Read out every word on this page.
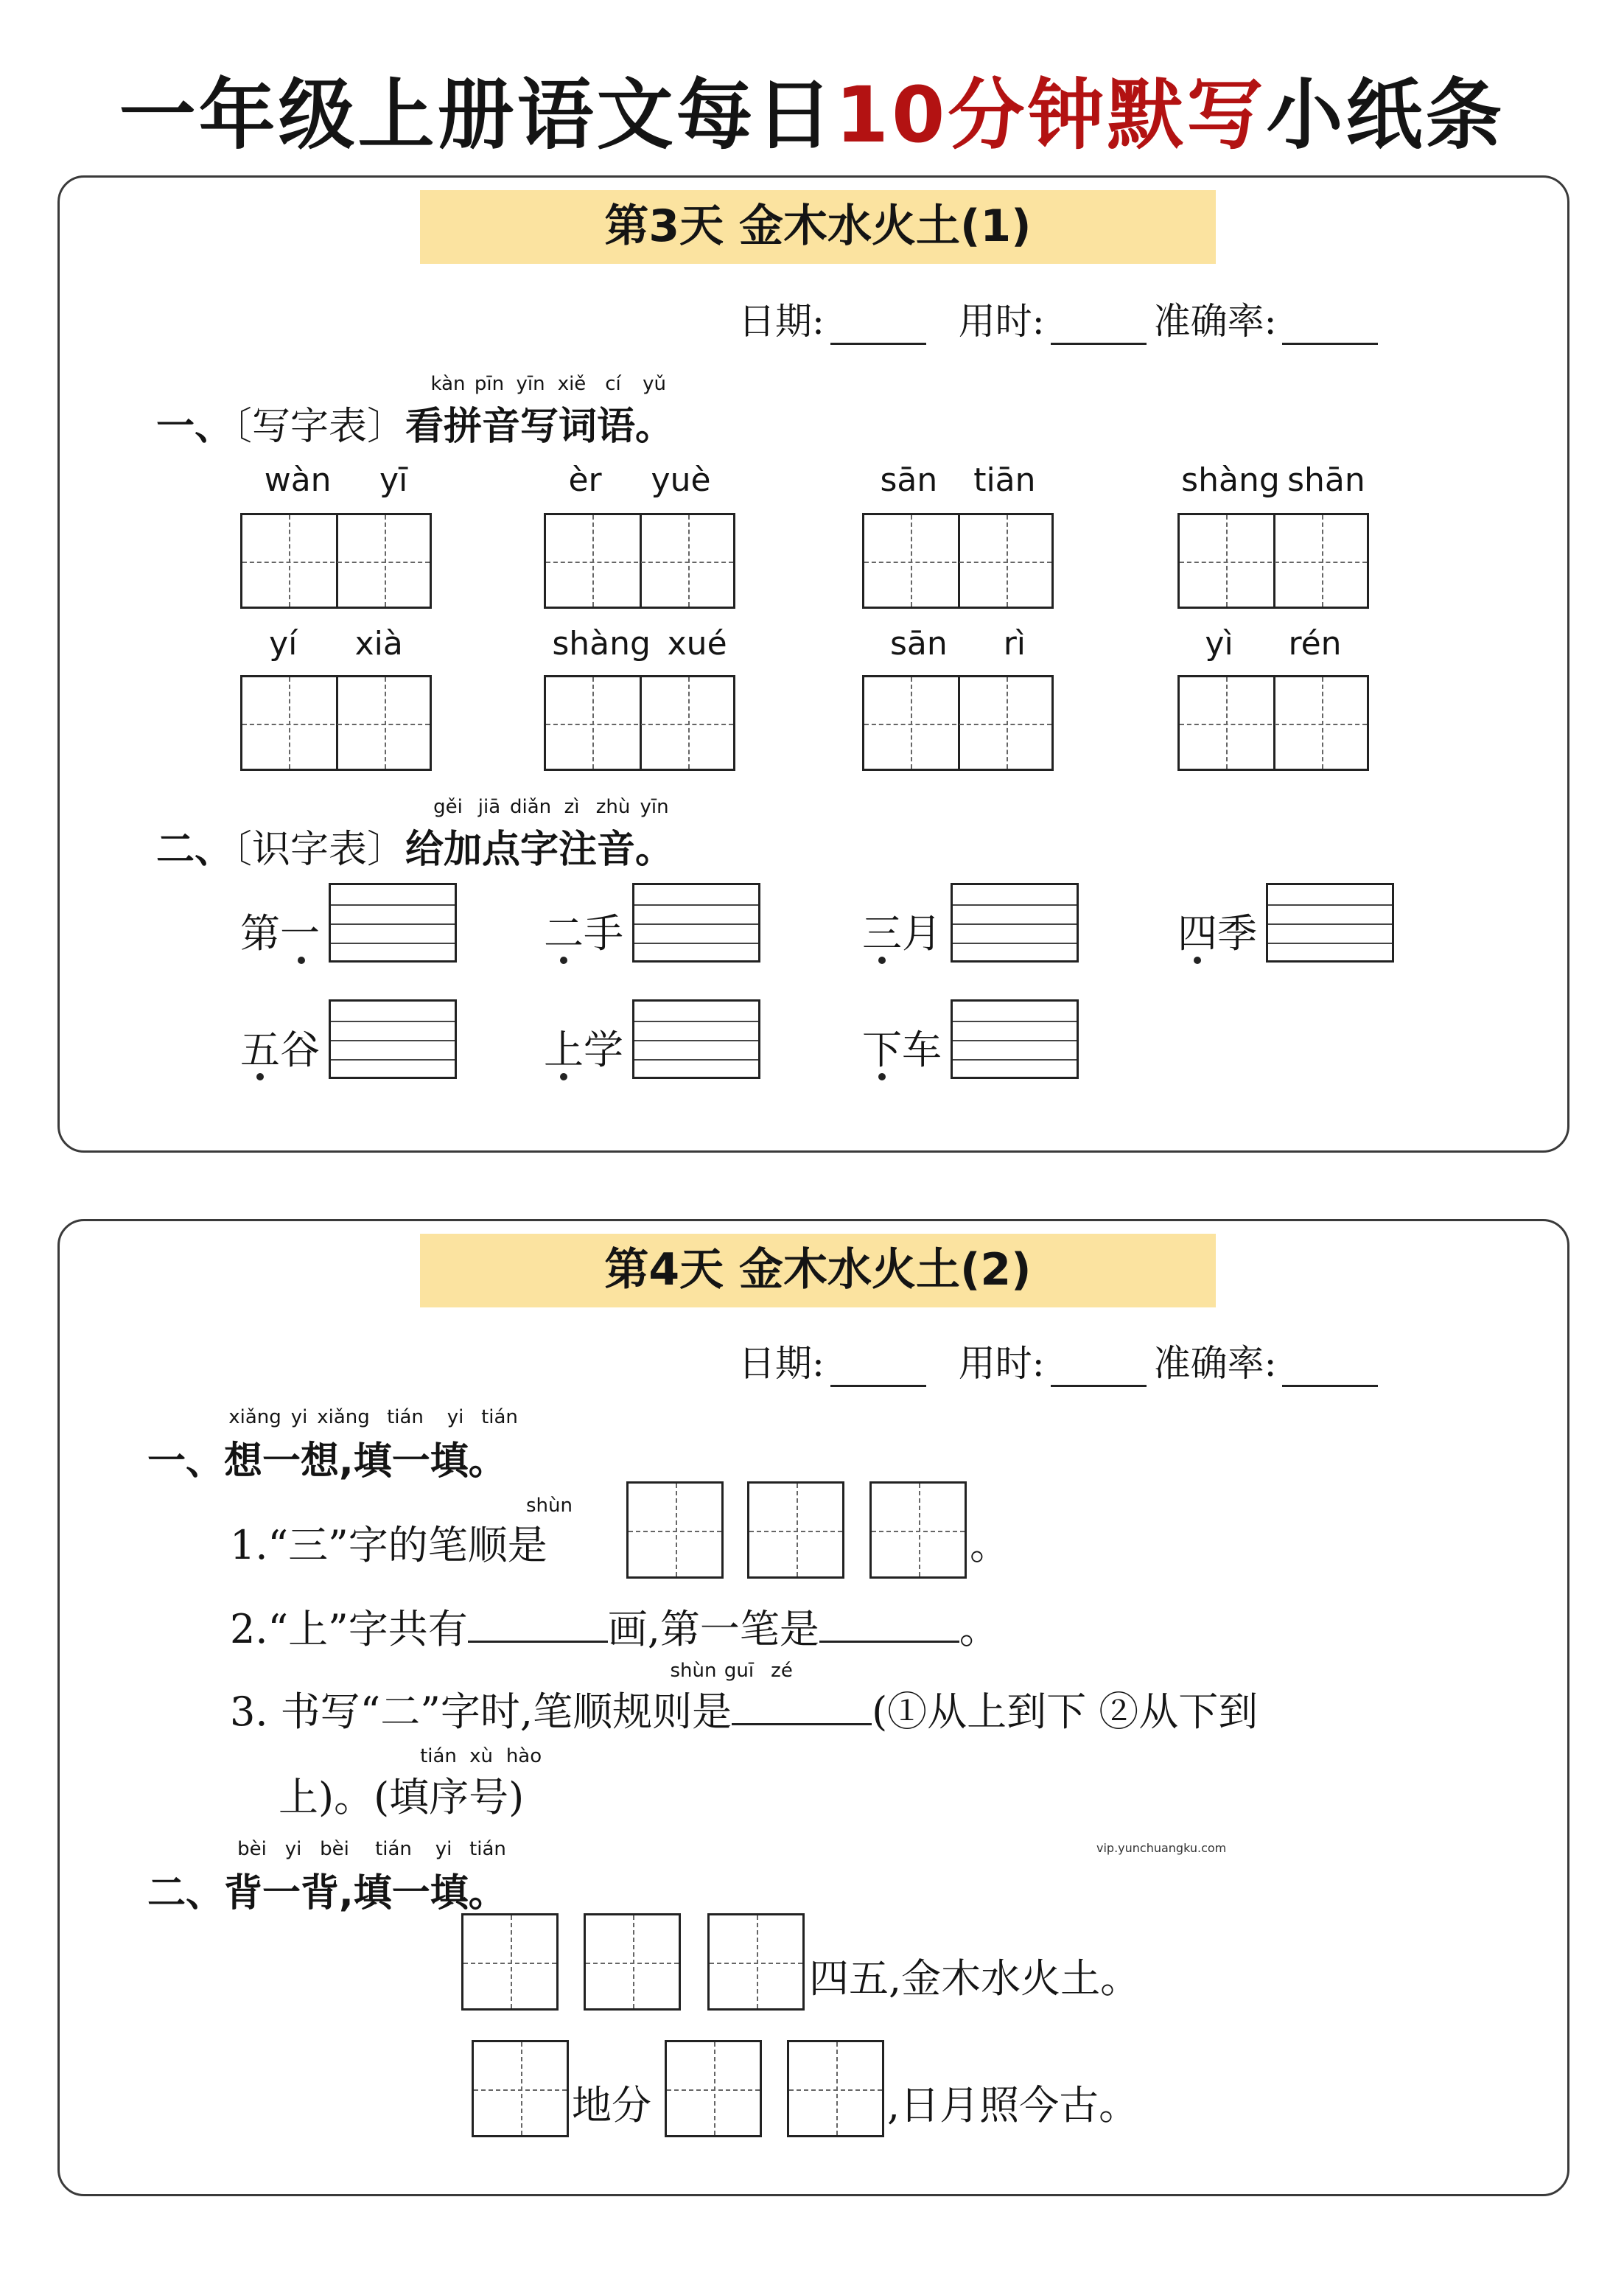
一年级上册语文每日10分钟默写小纸条
第3天 金木水火土(1)
日期:	用时:	准确率:
kàn pīn yīn xiě cí yǔ
一、〔写字表〕看拼音写词语。
wàn yī	èr yuè	sān tiān	shàng shān
yí xià	shàng xué	sān rì	yì rén
gěi jiā diǎn zì zhù yīn
二、〔识字表〕给加点字注音。
第一	二手	三月	四季
五谷	上学	下车
第4天 金木水火土(2)
日期:	用时:	准确率:
xiǎng yi xiǎng tián yi tián
一、想一想,填一填。
shùn
1.“三”字的笔顺是	。
2.“上”字共有	画,第一笔是	。
shùn guī zé
3. 书写“二”字时,笔顺规则是	(①从上到下 ②从下到
tián xù hào
上)。(填序号)
bèi yi bèi tián yi tián
二、背一背,填一填。
vip.yunchuangku.com
四五,金木水火土。
地分	,日月照今古。
